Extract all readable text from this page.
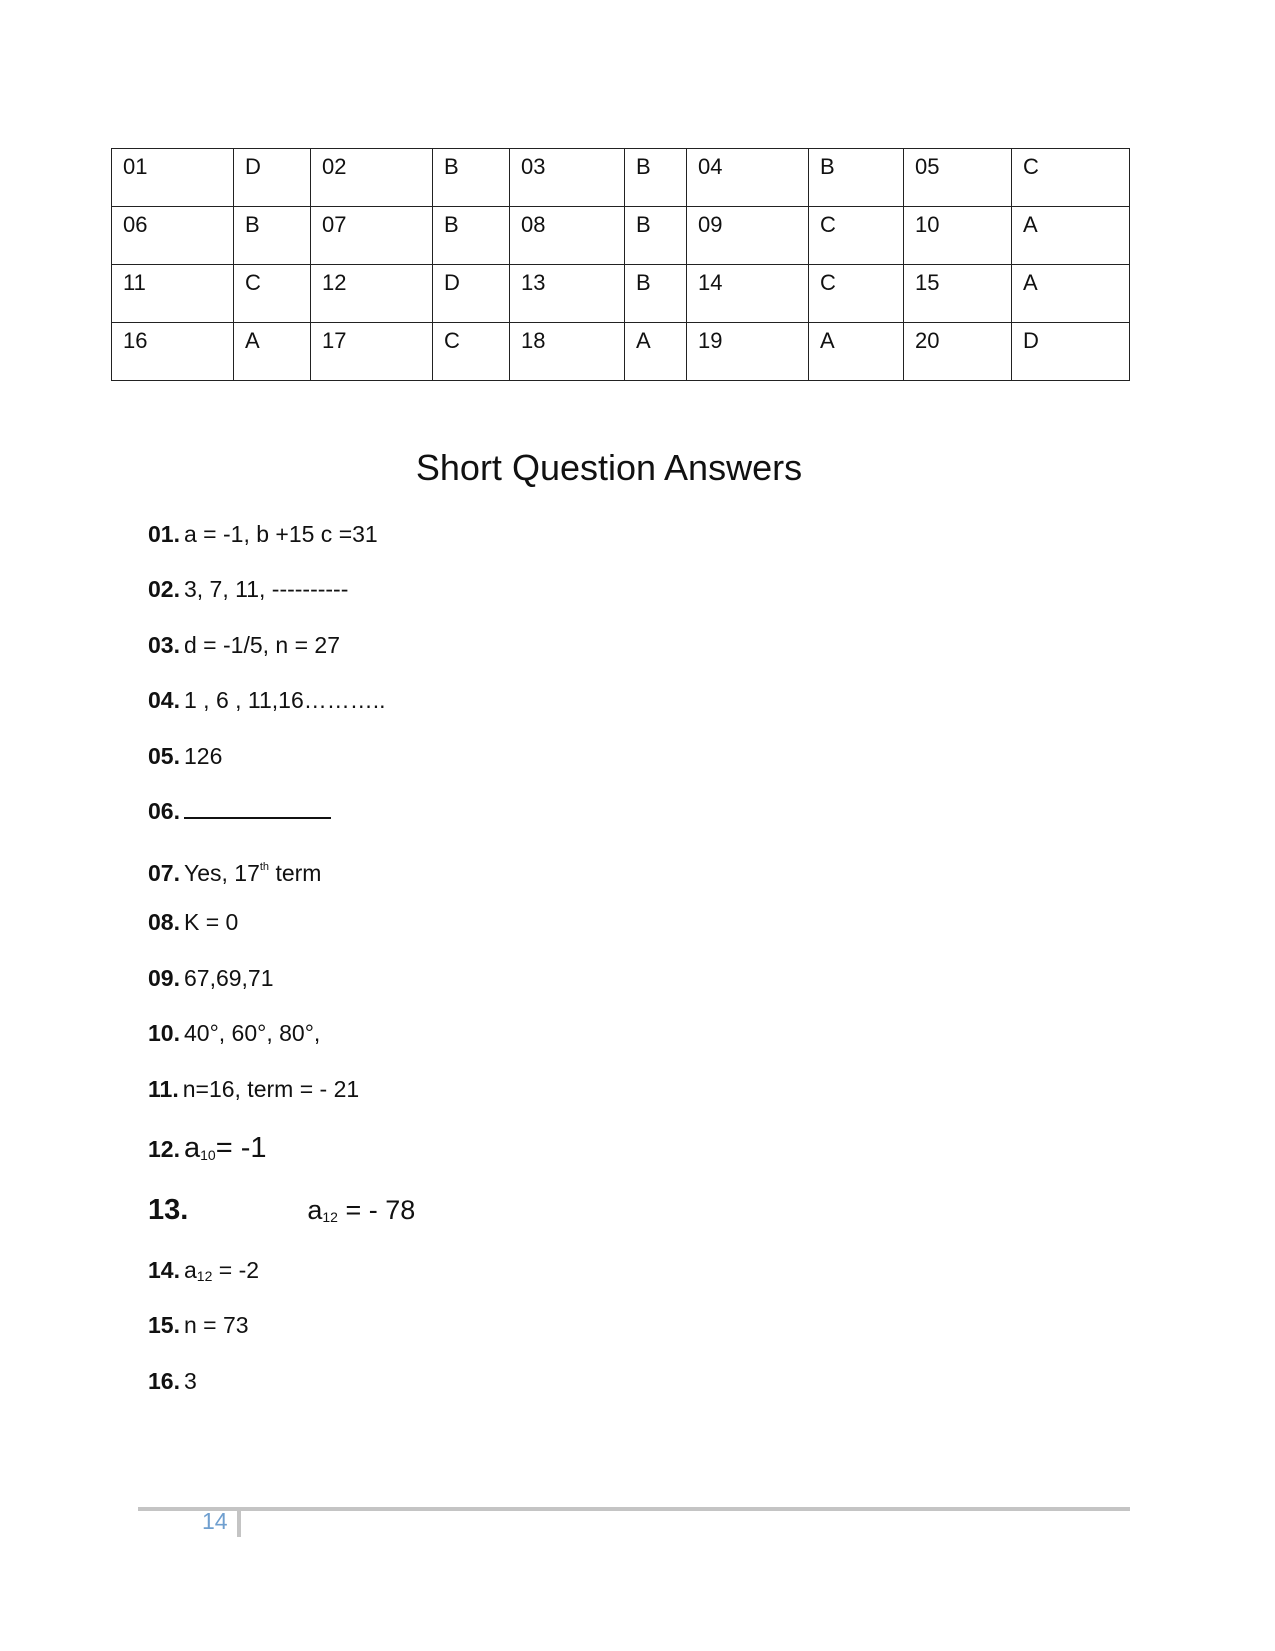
01	D	02	B	03	B	04	B	05	C
06	B	07	B	08	B	09	C	10	A
11	C	12	D	13	B	14	C	15	A
16	A	17	C	18	A	19	A	20	D
Short Question Answers
01. a = -1, b +15 c =31
02. 3, 7, 11, ----------
03. d = -1/5, n = 27
04. 1 , 6 , 11,16………..
05. 126
06.
07. Yes, 17th term
08. K = 0
09. 67,69,71
10. 40°, 60°, 80°,
11. n=16, term = - 21
12. $a_{10}= -1$
13.	$a_{12}$ = - 78
14. $a_{12} = -2$
15. n = 73
16. 3
14
